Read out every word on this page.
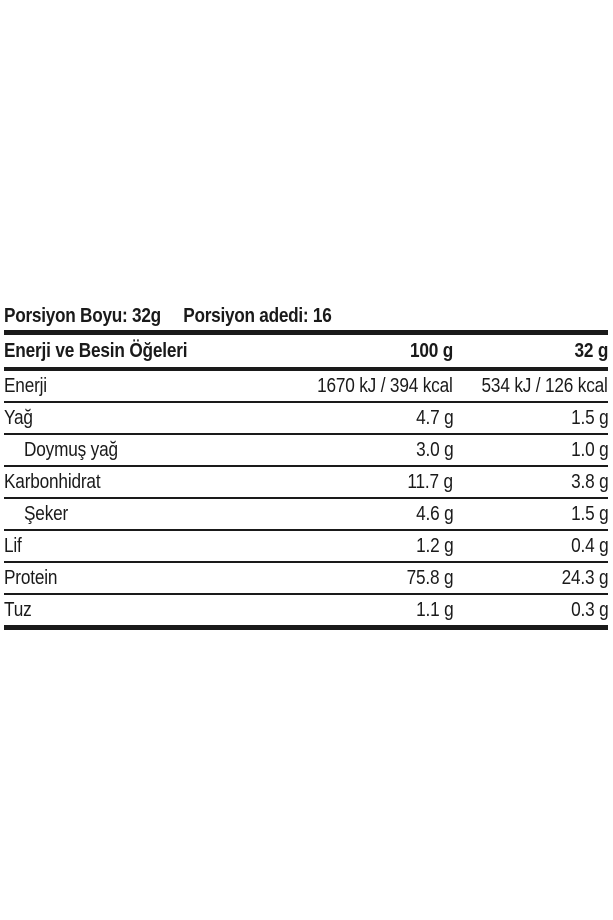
Porsiyon Boyu: 32g Porsiyon adedi: 16
Enerji ve Besin Öğeleri	100 g	32 g
Enerji	1670 kJ / 394 kcal	534 kJ / 126 kcal
Yağ	4.7 g	1.5 g
Doymuş yağ	3.0 g	1.0 g
Karbonhidrat	11.7 g	3.8 g
Şeker	4.6 g	1.5 g
Lif	1.2 g	0.4 g
Protein	75.8 g	24.3 g
Tuz	1.1 g	0.3 g
